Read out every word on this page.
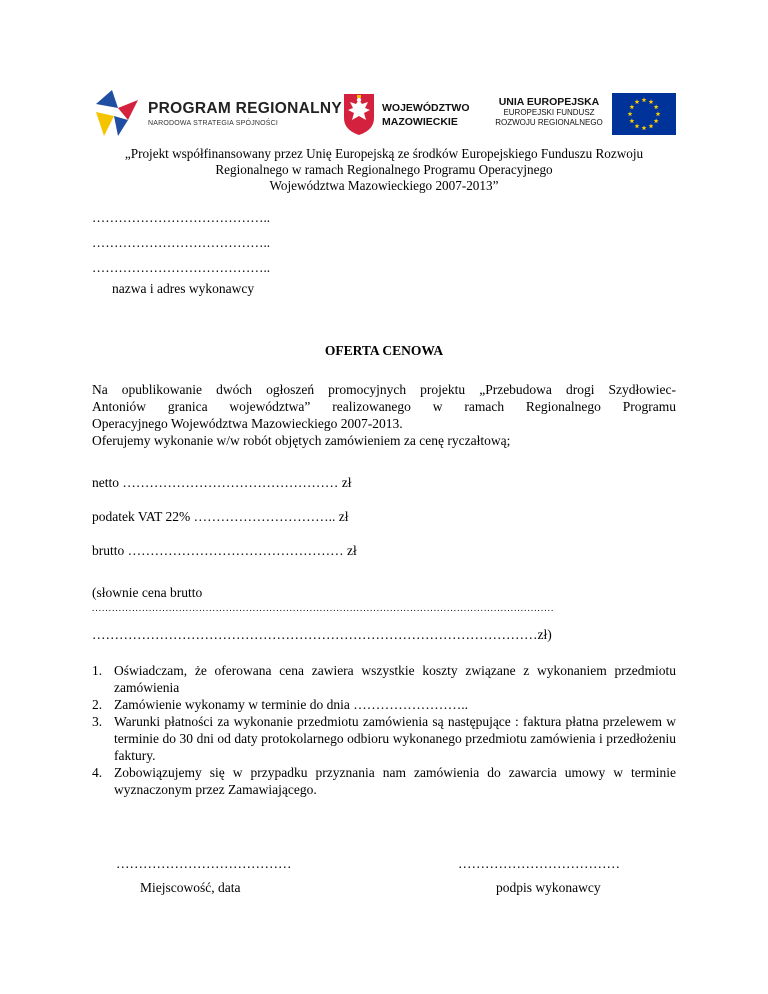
PROGRAM REGIONALNY
NARODOWA STRATEGIA SPÓJNOŚCI
WOJEWÓDZTWO
MAZOWIECKIE
UNIA EUROPEJSKA
EUROPEJSKI FUNDUSZ
ROZWOJU REGIONALNEGO
„Projekt współfinansowany przez Unię Europejską ze środków Europejskiego Funduszu Rozwoju
Regionalnego w ramach Regionalnego Programu Operacyjnego
Województwa Mazowieckiego 2007-2013”
…………………………………..
…………………………………..
…………………………………..
nazwa i adres wykonawcy
OFERTA CENOWA
Na opublikowanie dwóch ogłoszeń promocyjnych projektu „Przebudowa drogi Szydłowiec-
Antoniów granica województwa” realizowanego w ramach Regionalnego Programu
Operacyjnego Województwa Mazowieckiego 2007-2013.
Oferujemy wykonanie w/w robót objętych zamówieniem za cenę ryczałtową;
netto ………………………………………… zł
podatek VAT 22% ………………………….. zł
brutto ………………………………………… zł
(słownie cena brutto
..........................................................................................................................................
………………………………………………………………………………………zł)
1. Oświadczam, że oferowana cena zawiera wszystkie koszty związane z wykonaniem przedmiotu zamówienia
2. Zamówienie wykonamy w terminie do dnia ……………………..
3. Warunki płatności za wykonanie przedmiotu zamówienia są następujące : faktura płatna przelewem w terminie do 30 dni od daty protokolarnego odbioru wykonanego przedmiotu zamówienia i przedłożeniu faktury.
4. Zobowiązujemy się w przypadku przyznania nam zamówienia do zawarcia umowy w terminie wyznaczonym przez Zamawiającego.
…………………………………
Miejscowość, data
………………………………
podpis wykonawcy
